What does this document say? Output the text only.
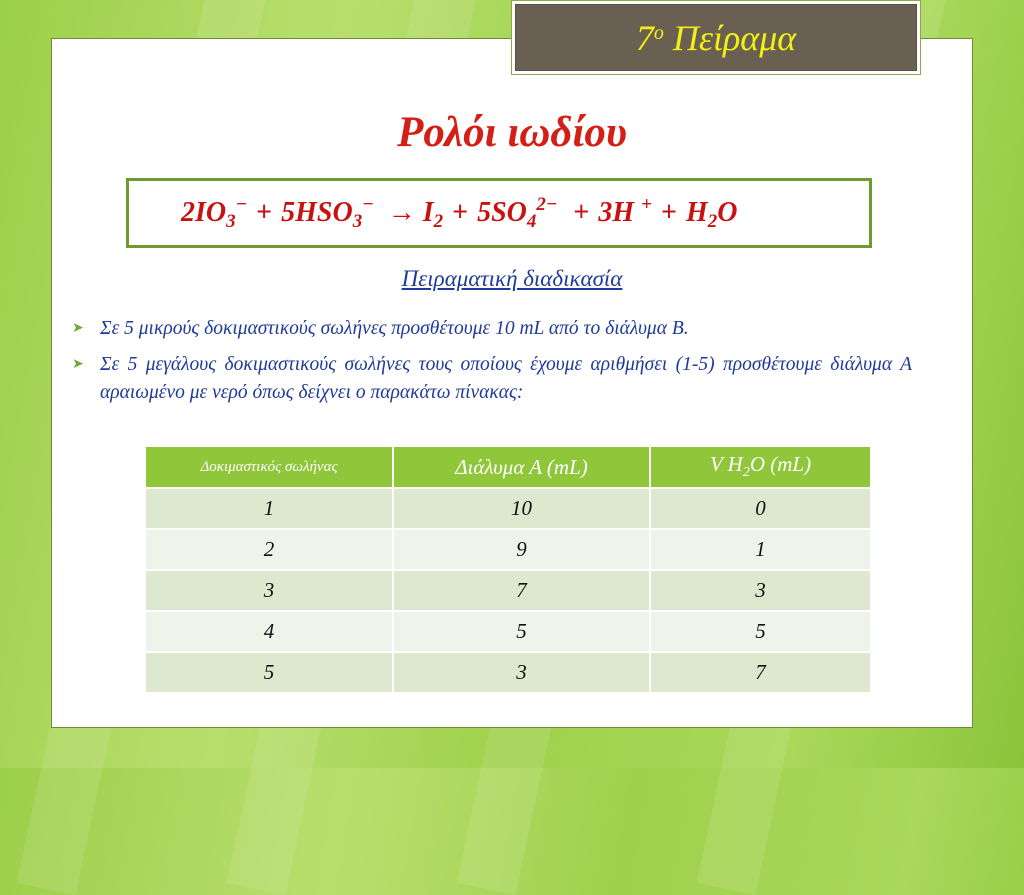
$7^o$
Πείραμα
Ρολόι ιωδίου
$2IO_3^-$
+
$5HSO_3^-$
→
$I_2$
+
$5SO_4^{2-}$
+
3H +
+
$H_2O$
Πειραματική διαδικασία
➤ Σε 5 μικρούς δοκιμαστικούς σωλήνες προσθέτουμε 10 mL από το διάλυμα Β.
➤ Σε 5 μεγάλους δοκιμαστικούς σωλήνες τους οποίους έχουμε αριθμήσει (1-5) προσθέτουμε διάλυμα Α αραιωμένο με νερό όπως δείχνει ο παρακάτω πίνακας:
Δοκιμαστικός σωλήνας	Διάλυμα Α (mL)	V $H_2O$ (mL)
1	10	0
2	9	1
3	7	3
4	5	5
5	3	7
